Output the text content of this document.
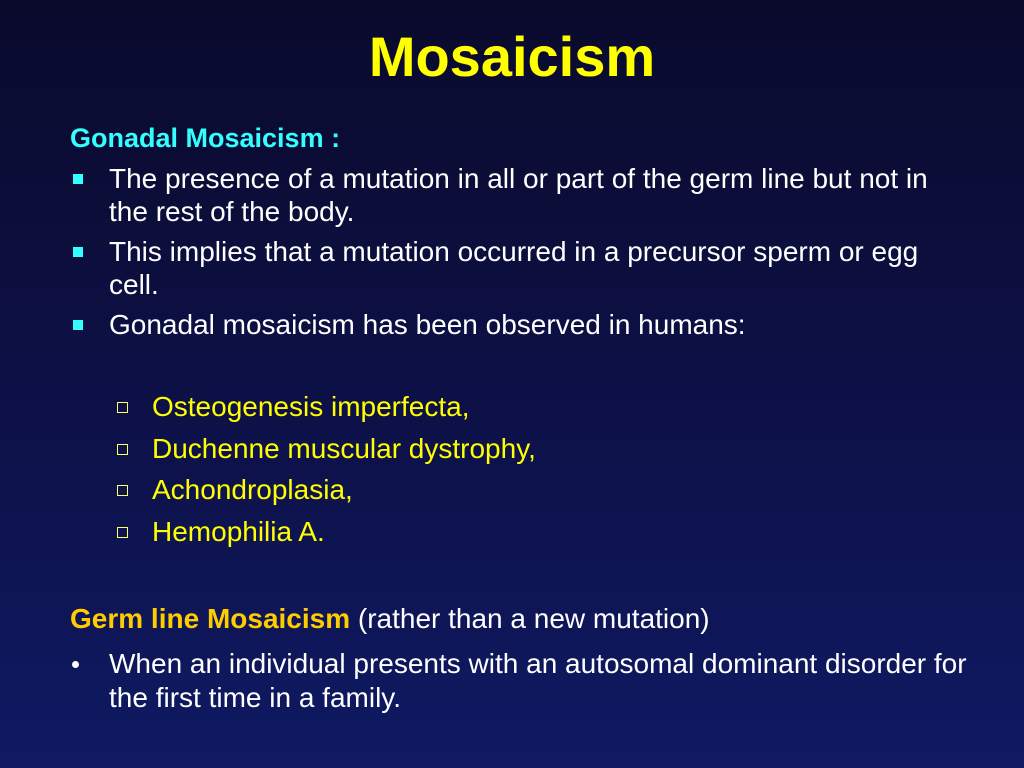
Mosaicism
Gonadal Mosaicism :
The presence of a mutation in all or part of the germ line but not in the rest of the body.
This implies that a mutation occurred in a precursor sperm or egg cell.
Gonadal mosaicism has been observed in humans:
Osteogenesis imperfecta,
Duchenne muscular dystrophy,
Achondroplasia,
Hemophilia A.
Germ line Mosaicism (rather than a new mutation)
When an individual presents with an autosomal dominant disorder for the first time in a family.
